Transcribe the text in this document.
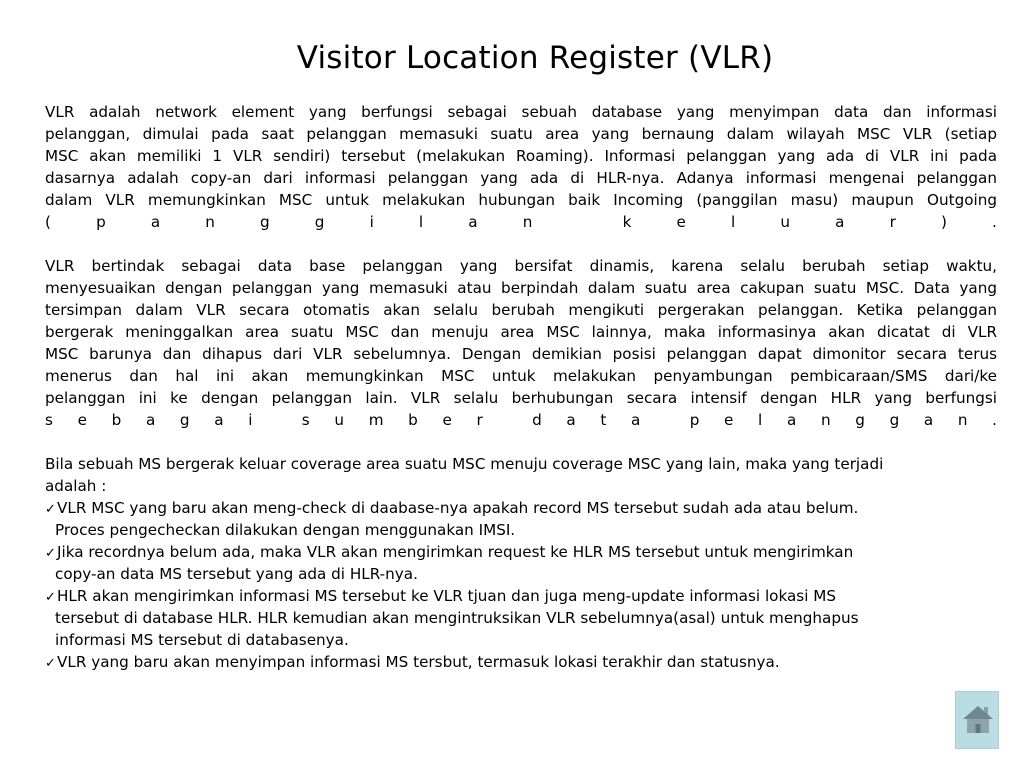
Visitor Location Register (VLR)
VLR adalah network element yang berfungsi sebagai sebuah database yang menyimpan data dan informasi
pelanggan, dimulai pada saat pelanggan memasuki suatu area yang bernaung dalam wilayah MSC VLR (setiap
MSC akan memiliki 1 VLR sendiri) tersebut (melakukan Roaming). Informasi pelanggan yang ada di VLR ini pada
dasarnya adalah copy-an dari informasi pelanggan yang ada di HLR-nya. Adanya informasi mengenai pelanggan
dalam VLR memungkinkan MSC untuk melakukan hubungan baik Incoming (panggilan masu) maupun Outgoing
(	p	a	n	g	g	i	l	a	n	k	e	l	u	a	r	)	.
VLR bertindak sebagai data base pelanggan yang bersifat dinamis, karena selalu berubah setiap waktu,
menyesuaikan dengan pelanggan yang memasuki atau berpindah dalam suatu area cakupan suatu MSC. Data yang
tersimpan dalam VLR secara otomatis akan selalu berubah mengikuti pergerakan pelanggan. Ketika pelanggan
bergerak meninggalkan area suatu MSC dan menuju area MSC lainnya, maka informasinya akan dicatat di VLR
MSC barunya dan dihapus dari VLR sebelumnya. Dengan demikian posisi pelanggan dapat dimonitor secara terus
menerus dan hal ini akan memungkinkan MSC untuk melakukan penyambungan pembicaraan/SMS dari/ke
pelanggan ini ke dengan pelanggan lain. VLR selalu berhubungan secara intensif dengan HLR yang berfungsi
s e b a g a i	s u m b e r	d a t a	p e l a n g g a n .
Bila sebuah MS bergerak keluar coverage area suatu MSC menuju coverage MSC yang lain, maka yang terjadi
adalah :
✓VLR MSC yang baru akan meng-check di daabase-nya apakah record MS tersebut sudah ada atau belum.
Proces pengecheckan dilakukan dengan menggunakan IMSI.
✓Jika recordnya belum ada, maka VLR akan mengirimkan request ke HLR MS tersebut untuk mengirimkan
copy-an data MS tersebut yang ada di HLR-nya.
✓HLR akan mengirimkan informasi MS tersebut ke VLR tjuan dan juga meng-update informasi lokasi MS
tersebut di database HLR. HLR kemudian akan mengintruksikan VLR sebelumnya(asal) untuk menghapus
informasi MS tersebut di databasenya.
✓VLR yang baru akan menyimpan informasi MS tersbut, termasuk lokasi terakhir dan statusnya.
